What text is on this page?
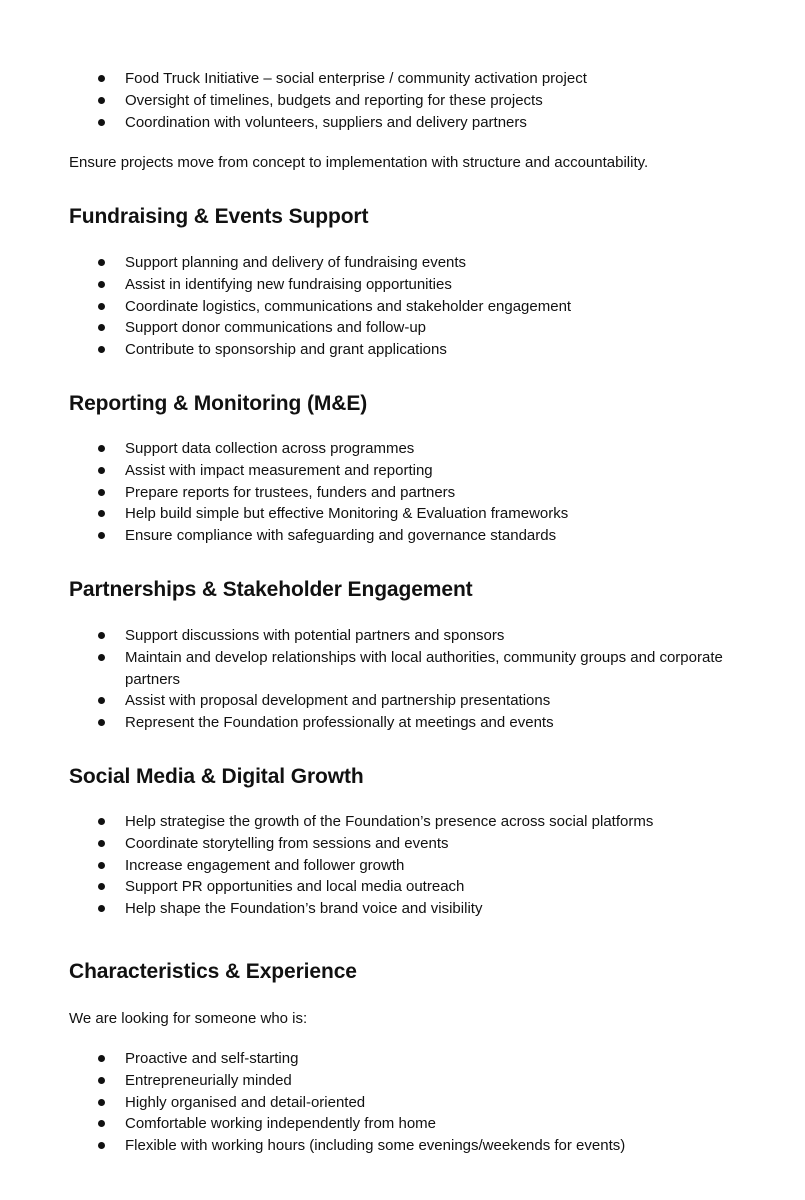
Food Truck Initiative – social enterprise / community activation project
Oversight of timelines, budgets and reporting for these projects
Coordination with volunteers, suppliers and delivery partners

Ensure projects move from concept to implementation with structure and accountability.

Fundraising & Events Support
Support planning and delivery of fundraising events
Assist in identifying new fundraising opportunities
Coordinate logistics, communications and stakeholder engagement
Support donor communications and follow-up
Contribute to sponsorship and grant applications
Reporting & Monitoring (M&E)
Support data collection across programmes
Assist with impact measurement and reporting
Prepare reports for trustees, funders and partners
Help build simple but effective Monitoring & Evaluation frameworks
Ensure compliance with safeguarding and governance standards
Partnerships & Stakeholder Engagement
Support discussions with potential partners and sponsors
Maintain and develop relationships with local authorities, community groups and corporate partners
Assist with proposal development and partnership presentations
Represent the Foundation professionally at meetings and events
Social Media & Digital Growth
Help strategise the growth of the Foundation’s presence across social platforms
Coordinate storytelling from sessions and events
Increase engagement and follower growth
Support PR opportunities and local media outreach
Help shape the Foundation’s brand voice and visibility
Characteristics & Experience

We are looking for someone who is:

Proactive and self-starting
Entrepreneurially minded
Highly organised and detail-oriented
Comfortable working independently from home
Flexible with working hours (including some evenings/weekends for events)
